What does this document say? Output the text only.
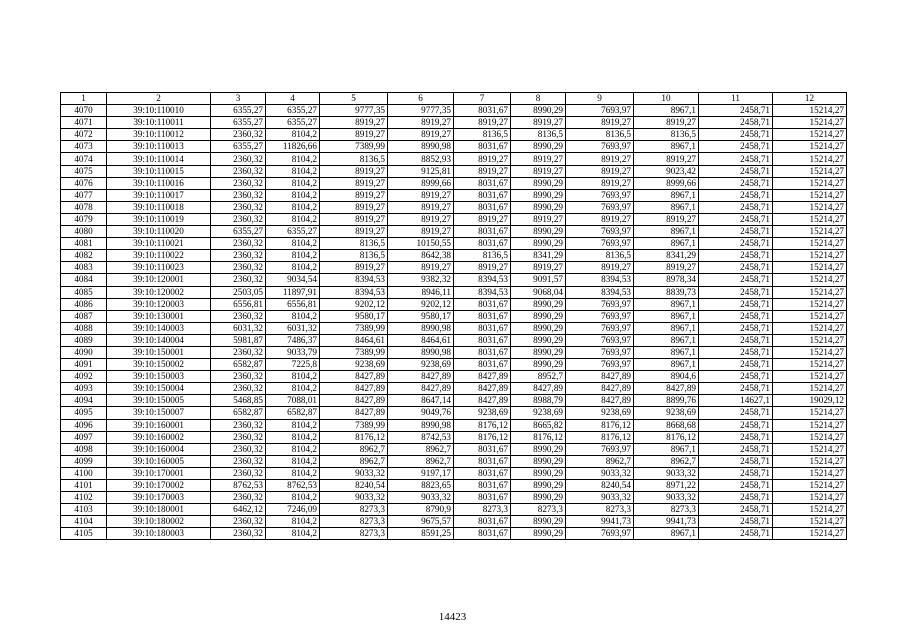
1	2	3	4	5	6	7	8	9	10	11	12
4070	39:10:110010	6355,27	6355,27	9777,35	9777,35	8031,67	8990,29	7693,97	8967,1	2458,71	15214,27
4071	39:10:110011	6355,27	6355,27	8919,27	8919,27	8919,27	8919,27	8919,27	8919,27	2458,71	15214,27
4072	39:10:110012	2360,32	8104,2	8919,27	8919,27	8136,5	8136,5	8136,5	8136,5	2458,71	15214,27
4073	39:10:110013	6355,27	11826,66	7389,99	8990,98	8031,67	8990,29	7693,97	8967,1	2458,71	15214,27
4074	39:10:110014	2360,32	8104,2	8136,5	8852,93	8919,27	8919,27	8919,27	8919,27	2458,71	15214,27
4075	39:10:110015	2360,32	8104,2	8919,27	9125,81	8919,27	8919,27	8919,27	9023,42	2458,71	15214,27
4076	39:10:110016	2360,32	8104,2	8919,27	8999,66	8031,67	8990,29	8919,27	8999,66	2458,71	15214,27
4077	39:10:110017	2360,32	8104,2	8919,27	8919,27	8031,67	8990,29	7693,97	8967,1	2458,71	15214,27
4078	39:10:110018	2360,32	8104,2	8919,27	8919,27	8031,67	8990,29	7693,97	8967,1	2458,71	15214,27
4079	39:10:110019	2360,32	8104,2	8919,27	8919,27	8919,27	8919,27	8919,27	8919,27	2458,71	15214,27
4080	39:10:110020	6355,27	6355,27	8919,27	8919,27	8031,67	8990,29	7693,97	8967,1	2458,71	15214,27
4081	39:10:110021	2360,32	8104,2	8136,5	10150,55	8031,67	8990,29	7693,97	8967,1	2458,71	15214,27
4082	39:10:110022	2360,32	8104,2	8136,5	8642,38	8136,5	8341,29	8136,5	8341,29	2458,71	15214,27
4083	39:10:110023	2360,32	8104,2	8919,27	8919,27	8919,27	8919,27	8919,27	8919,27	2458,71	15214,27
4084	39:10:120001	2360,32	9034,54	8394,53	9382,32	8394,53	9091,57	8394,53	8978,34	2458,71	15214,27
4085	39:10:120002	2503,05	11897,91	8394,53	8946,11	8394,53	9068,04	8394,53	8839,73	2458,71	15214,27
4086	39:10:120003	6556,81	6556,81	9202,12	9202,12	8031,67	8990,29	7693,97	8967,1	2458,71	15214,27
4087	39:10:130001	2360,32	8104,2	9580,17	9580,17	8031,67	8990,29	7693,97	8967,1	2458,71	15214,27
4088	39:10:140003	6031,32	6031,32	7389,99	8990,98	8031,67	8990,29	7693,97	8967,1	2458,71	15214,27
4089	39:10:140004	5981,87	7486,37	8464,61	8464,61	8031,67	8990,29	7693,97	8967,1	2458,71	15214,27
4090	39:10:150001	2360,32	9033,79	7389,99	8990,98	8031,67	8990,29	7693,97	8967,1	2458,71	15214,27
4091	39:10:150002	6582,87	7225,8	9238,69	9238,69	8031,67	8990,29	7693,97	8967,1	2458,71	15214,27
4092	39:10:150003	2360,32	8104,2	8427,89	8427,89	8427,89	8952,7	8427,89	8904,6	2458,71	15214,27
4093	39:10:150004	2360,32	8104,2	8427,89	8427,89	8427,89	8427,89	8427,89	8427,89	2458,71	15214,27
4094	39:10:150005	5468,85	7088,01	8427,89	8647,14	8427,89	8988,79	8427,89	8899,76	14627,1	19029,12
4095	39:10:150007	6582,87	6582,87	8427,89	9049,76	9238,69	9238,69	9238,69	9238,69	2458,71	15214,27
4096	39:10:160001	2360,32	8104,2	7389,99	8990,98	8176,12	8665,82	8176,12	8668,68	2458,71	15214,27
4097	39:10:160002	2360,32	8104,2	8176,12	8742,53	8176,12	8176,12	8176,12	8176,12	2458,71	15214,27
4098	39:10:160004	2360,32	8104,2	8962,7	8962,7	8031,67	8990,29	7693,97	8967,1	2458,71	15214,27
4099	39:10:160005	2360,32	8104,2	8962,7	8962,7	8031,67	8990,29	8962,7	8962,7	2458,71	15214,27
4100	39:10:170001	2360,32	8104,2	9033,32	9197,17	8031,67	8990,29	9033,32	9033,32	2458,71	15214,27
4101	39:10:170002	8762,53	8762,53	8240,54	8823,65	8031,67	8990,29	8240,54	8971,22	2458,71	15214,27
4102	39:10:170003	2360,32	8104,2	9033,32	9033,32	8031,67	8990,29	9033,32	9033,32	2458,71	15214,27
4103	39:10:180001	6462,12	7246,09	8273,3	8790,9	8273,3	8273,3	8273,3	8273,3	2458,71	15214,27
4104	39:10:180002	2360,32	8104,2	8273,3	9675,57	8031,67	8990,29	9941,73	9941,73	2458,71	15214,27
4105	39:10:180003	2360,32	8104,2	8273,3	8591,25	8031,67	8990,29	7693,97	8967,1	2458,71	15214,27
14423
